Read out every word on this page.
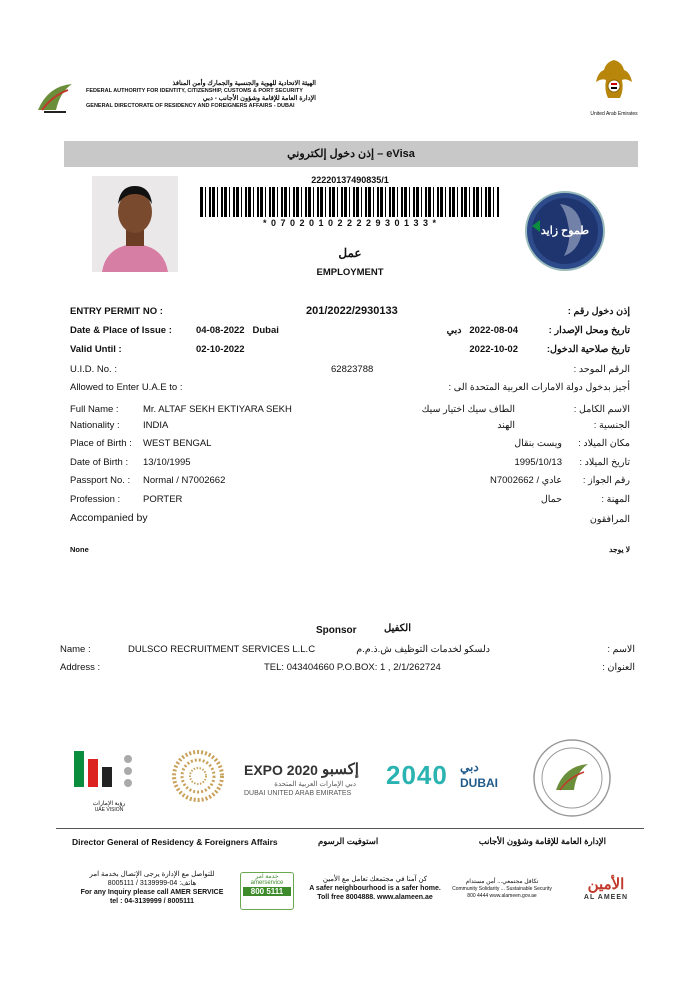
الهيئة الاتحادية للهوية والجنسية والجمارك وأمن المنافذ
FEDERAL AUTHORITY FOR IDENTITY, CITIZENSHIP, CUSTOMS & PORT SECURITY
الإدارة العامة للإقامة وشؤون الأجانب - دبي
GENERAL DIRECTORATE OF RESIDENCY AND FOREIGNERS AFFAIRS - DUBAI
United Arab Emirates
إذن دخول إلكتروني – eVisa
22220137490835/1
* 0 7 0 2 0 1 0 2 2 2 2 9 3 0 1 3 3 *
طموح زايد
عمل
EMPLOYMENT
ENTRY PERMIT NO :	201/2022/2930133	إذن دخول رقم :
Date & Place of Issue :	04-08-2022   Dubai	2022-08-04   دبي	تاريخ ومحل الإصدار :
Valid Until :	02-10-2022	2022-10-02	تاريخ صلاحية الدخول:
U.I.D. No. :	62823788	الرقم الموحد :
Allowed to Enter U.A.E to :	أجيز بدخول دولة الامارات العربية المتحدة الى :
Full Name :	Mr. ALTAF SEKH EKTIYARA SEKH	الطاف سيك اختيار سيك	الاسم الكامل :
Nationality : INDIA	الهند	الجنسية :
Place of Birth : WEST BENGAL	ويست بنقال مكان الميلاد :
Date of Birth : 13/10/1995	1995/10/13 تاريخ الميلاد :
Passport No. : Normal / N7002662	عادي / N7002662 رقم الجواز :
Profession : PORTER	حمال	المهنة :
Accompanied by	المرافقون
None	لا يوجد
Sponsor	الكفيل
Name :	DULSCO RECRUITMENT SERVICES L.L.C	دلسكو لخدمات التوظيف ش.ذ.م.م	الاسم :
Address :	TEL: 043404660 P.O.BOX: 1 , 2/1/262724	العنوان :
رؤية الإمارات
UAE VISION
EXPO 2020 إكسبو
دبي الإمارات العربية المتحدة
DUBAI UNITED ARAB EMIRATES
2040 دبي
DUBAI
Director General of Residency & Foreigners Affairs	استوفيت الرسوم	الإدارة العامة للإقامة وشؤون الأجانب
للتواصل مع الإدارة يرجى الإتصال بخدمة امر
هاتف: 04-3139999 / 8005111
For any Inquiry please call AMER SERVICE
tel : 04-3139999 / 8005111
خدمة آمر
amerservice
800 5111
كن آمنا في مجتمعك تعامل مع الأمين
A safer neighbourhood is a safer home.
Toll free 8004888. www.alameen.ae
تكافل مجتمعي... أمن مستدام
Community Solidarity ... Sustainable Security
800 4444 www.alameen.gov.ae
الأمين
AL AMEEN
